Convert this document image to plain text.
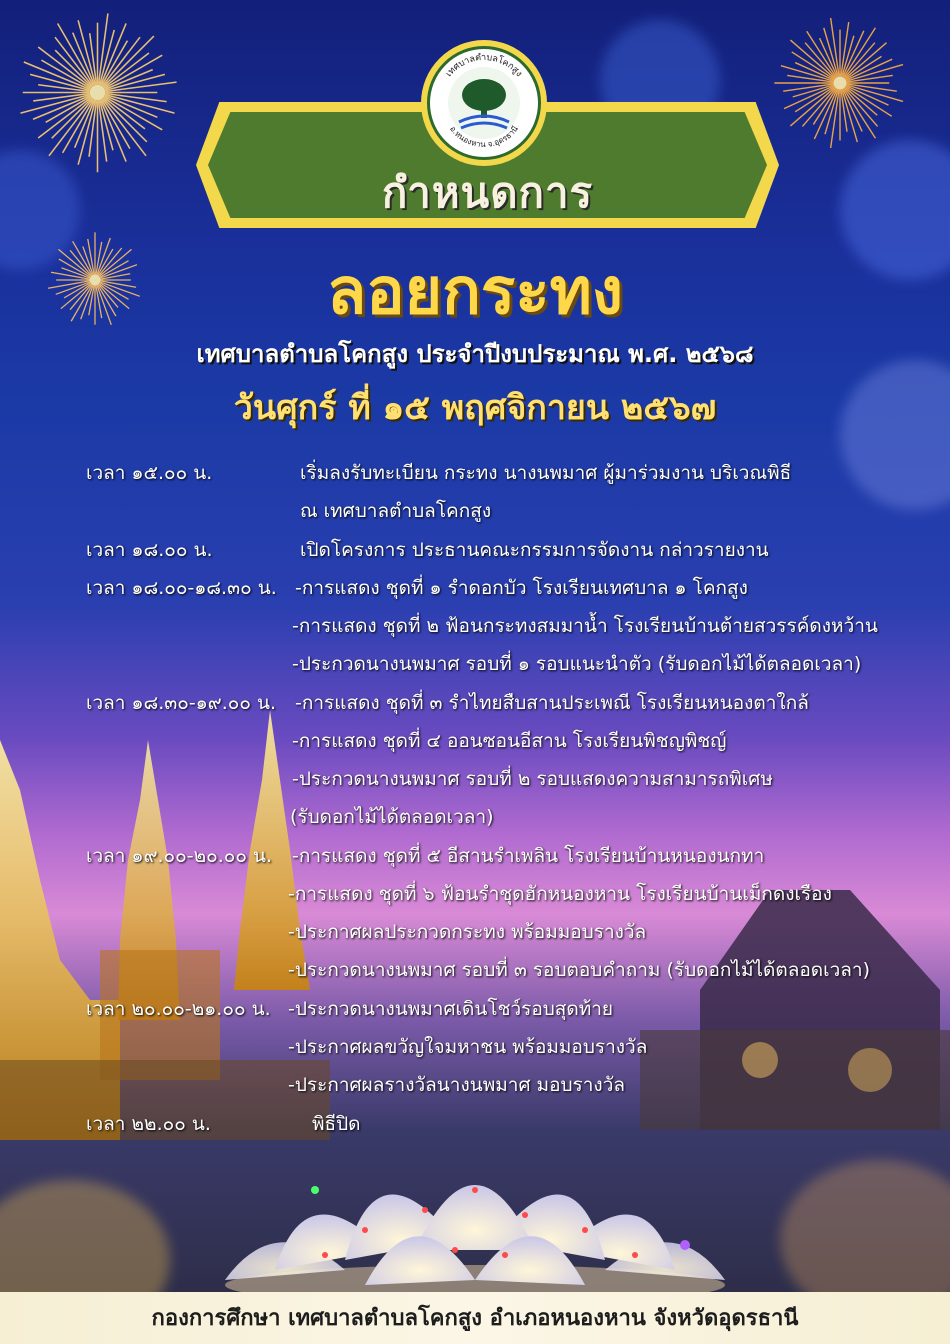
กำหนดการ
เทศบาลตำบลโคกสูง
อ.หนองหาน จ.อุดรธานี
ลอยกระทง
เทศบาลตำบลโคกสูง ประจำปีงบประมาณ พ.ศ. ๒๕๖๘
วันศุกร์ ที่ ๑๕ พฤศจิกายน ๒๕๖๗
เวลา ๑๕.๐๐ น.	เริ่มลงรับทะเบียน กระทง นางนพมาศ ผู้มาร่วมงาน บริเวณพิธี
ณ เทศบาลตำบลโคกสูง
เวลา ๑๘.๐๐ น.	เปิดโครงการ ประธานคณะกรรมการจัดงาน กล่าวรายงาน
เวลา ๑๘.๐๐-๑๘.๓๐ น. -การแสดง ชุดที่ ๑ รำดอกบัว โรงเรียนเทศบาล ๑ โคกสูง
-การแสดง ชุดที่ ๒ ฟ้อนกระทงสมมาน้ำ โรงเรียนบ้านต้ายสวรรค์ดงหว้าน
-ประกวดนางนพมาศ รอบที่ ๑ รอบแนะนำตัว (รับดอกไม้ได้ตลอดเวลา)
เวลา ๑๘.๓๐-๑๙.๐๐ น. -การแสดง ชุดที่ ๓ รำไทยสืบสานประเพณี โรงเรียนหนองตาใกล้
-การแสดง ชุดที่ ๔ ออนซอนอีสาน โรงเรียนพิชญพิชญ์
-ประกวดนางนพมาศ รอบที่ ๒ รอบแสดงความสามารถพิเศษ
(รับดอกไม้ได้ตลอดเวลา)
เวลา ๑๙.๐๐-๒๐.๐๐ น. -การแสดง ชุดที่ ๕ อีสานรำเพลิน โรงเรียนบ้านหนองนกทา
-การแสดง ชุดที่ ๖ ฟ้อนรำชุดฮักหนองหาน โรงเรียนบ้านเม็กดงเรือง
-ประกาศผลประกวดกระทง พร้อมมอบรางวัล
-ประกวดนางนพมาศ รอบที่ ๓ รอบตอบคำถาม (รับดอกไม้ได้ตลอดเวลา)
เวลา ๒๐.๐๐-๒๑.๐๐ น. -ประกวดนางนพมาศเดินโชว์รอบสุดท้าย
-ประกาศผลขวัญใจมหาชน พร้อมมอบรางวัล
-ประกาศผลรางวัลนางนพมาศ มอบรางวัล
เวลา ๒๒.๐๐ น.	พิธีปิด
กองการศึกษา เทศบาลตำบลโคกสูง อำเภอหนองหาน จังหวัดอุดรธานี
